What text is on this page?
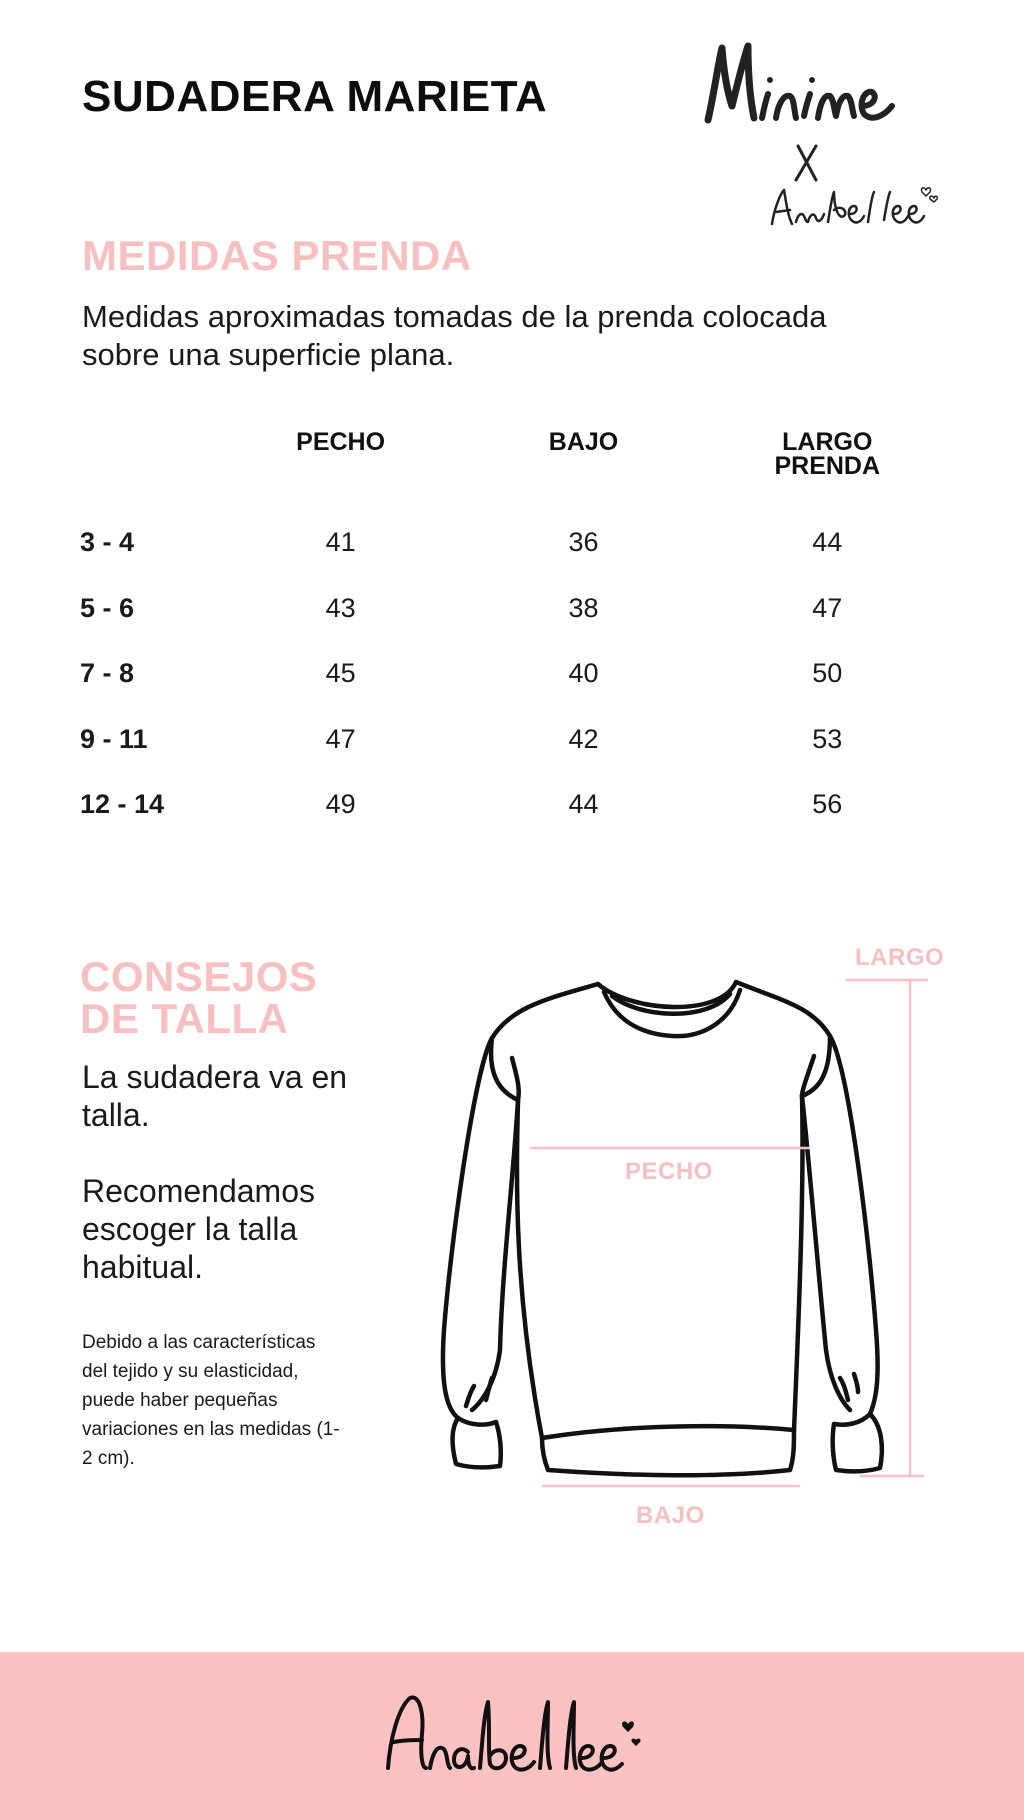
SUDADERA MARIETA
MEDIDAS PRENDA

Medidas aproximadas tomadas de la prenda colocada sobre una superficie plana.

	PECHO	BAJO	LARGO
PRENDA
3 - 4	41	36	44
5 - 6	43	38	47
7 - 8	45	40	50
9 - 11	47	42	53
12 - 14	49	44	56
CONSEJOS
DE TALLA

La sudadera va en talla.

Recomendamos escoger la talla habitual.

Debido a las características del tejido y su elasticidad, puede haber pequeñas variaciones en las medidas (1-2 cm).

LARGO
PECHO
BAJO
